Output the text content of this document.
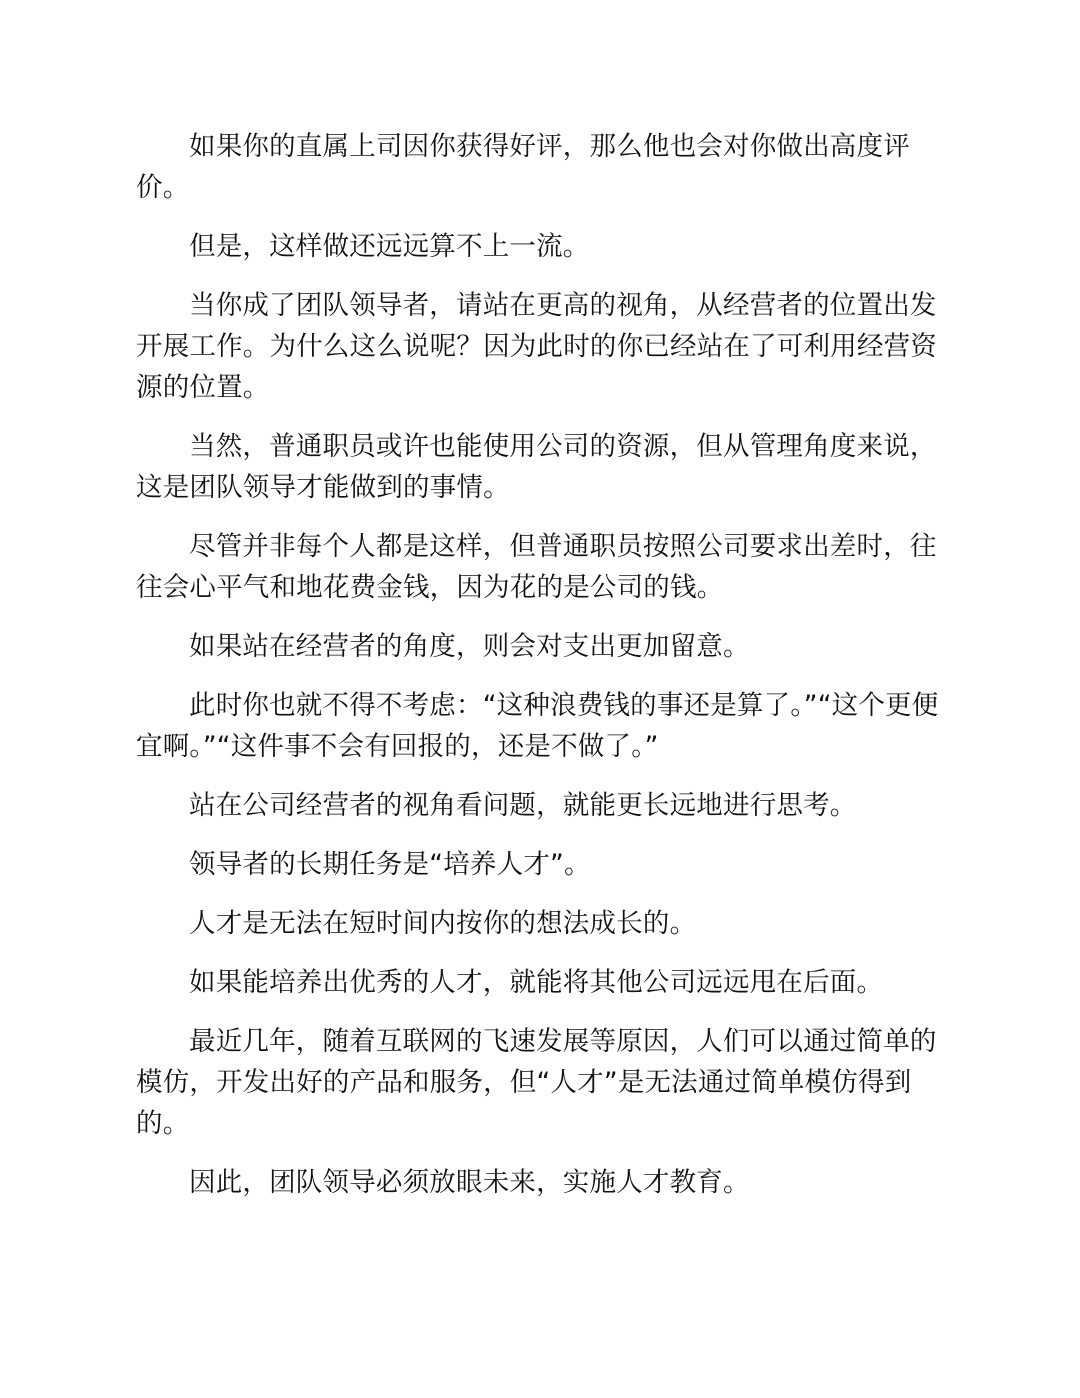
如果你的直属上司因你获得好评，那么他也会对你做出高度评价。

但是，这样做还远远算不上一流。

当你成了团队领导者，请站在更高的视角，从经营者的位置出发开展工作。为什么这么说呢？因为此时的你已经站在了可利用经营资源的位置。

当然，普通职员或许也能使用公司的资源，但从管理角度来说，这是团队领导才能做到的事情。

尽管并非每个人都是这样，但普通职员按照公司要求出差时，往往会心平气和地花费金钱，因为花的是公司的钱。

如果站在经营者的角度，则会对支出更加留意。

此时你也就不得不考虑：“这种浪费钱的事还是算了。”“这个更便宜啊。”“这件事不会有回报的，还是不做了。”

站在公司经营者的视角看问题，就能更长远地进行思考。

领导者的长期任务是“培养人才”。

人才是无法在短时间内按你的想法成长的。

如果能培养出优秀的人才，就能将其他公司远远甩在后面。

最近几年，随着互联网的飞速发展等原因，人们可以通过简单的模仿，开发出好的产品和服务，但“人才”是无法通过简单模仿得到的。

因此，团队领导必须放眼未来，实施人才教育。
